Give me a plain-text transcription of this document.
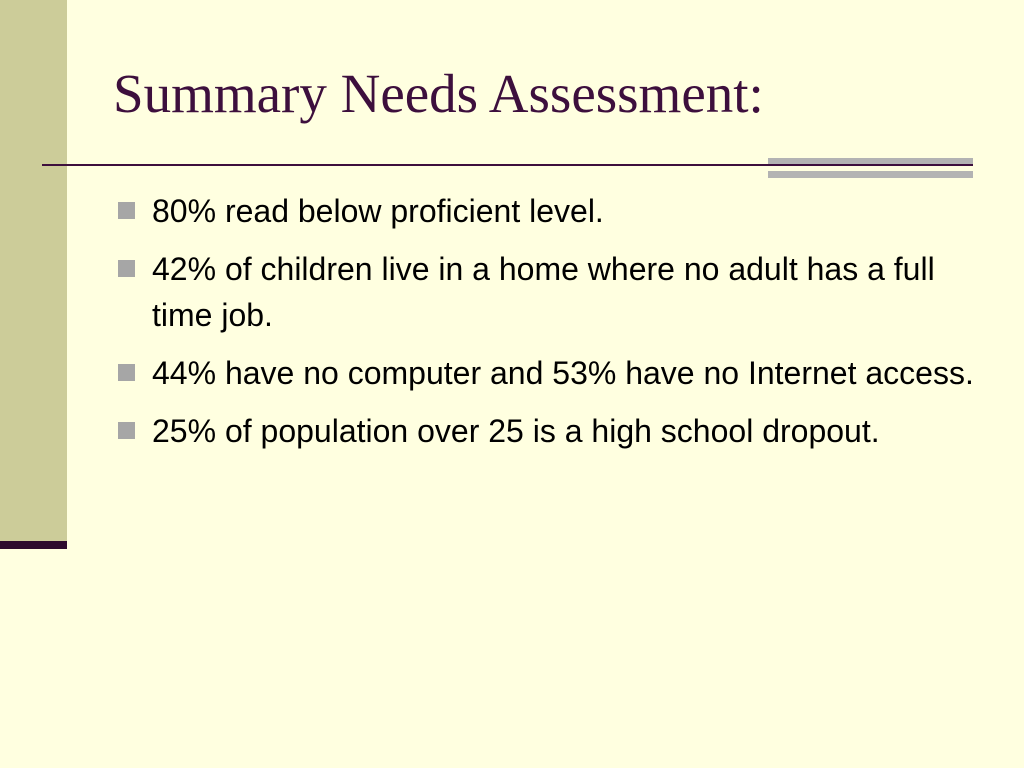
Summary Needs Assessment:
80% read below proficient level.
42% of children live in a home where no adult has a full time job.
44% have no computer and 53% have no Internet access.
25% of population over 25 is a high school dropout.
